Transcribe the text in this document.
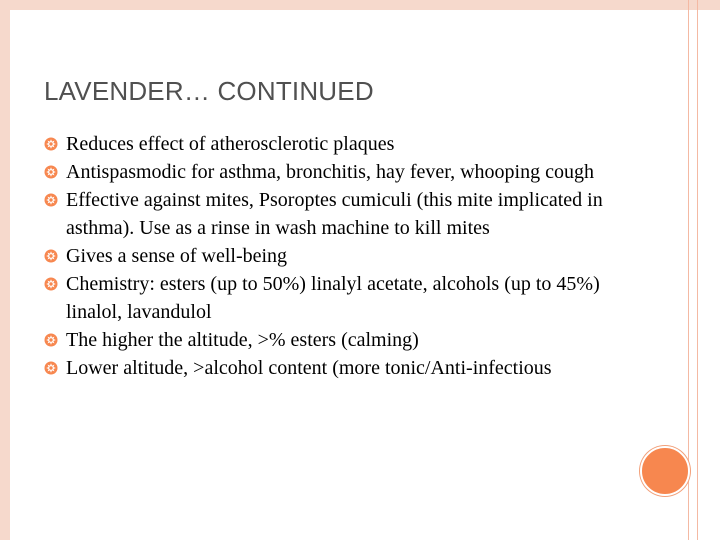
LAVENDER… CONTINUED
Reduces effect of atherosclerotic plaques
Antispasmodic for asthma, bronchitis, hay fever, whooping cough
Effective against mites, Psoroptes cumiculi (this mite implicated in asthma). Use as a rinse in wash machine to kill mites
Gives a sense of well-being
Chemistry: esters (up to 50%) linalyl acetate, alcohols (up to 45%) linalol, lavandulol
The higher the altitude, >% esters (calming)
Lower altitude, >alcohol content (more tonic/Anti-infectious
